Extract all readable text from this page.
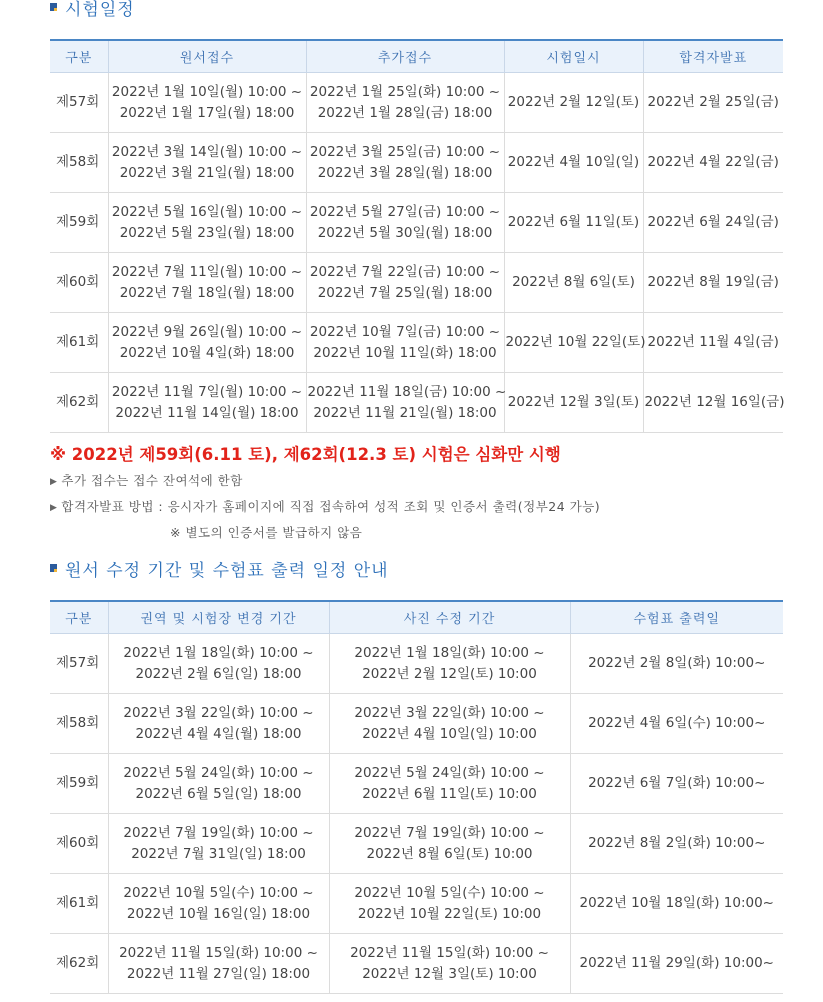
시험일정
구분	원서접수	추가접수	시험일시	합격자발표
제57회	2022년 1월 10일(월) 10:00 ~
2022년 1월 17일(월) 18:00	2022년 1월 25일(화) 10:00 ~
2022년 1월 28일(금) 18:00	2022년 2월 12일(토)	2022년 2월 25일(금)
제58회	2022년 3월 14일(월) 10:00 ~
2022년 3월 21일(월) 18:00	2022년 3월 25일(금) 10:00 ~
2022년 3월 28일(월) 18:00	2022년 4월 10일(일)	2022년 4월 22일(금)
제59회	2022년 5월 16일(월) 10:00 ~
2022년 5월 23일(월) 18:00	2022년 5월 27일(금) 10:00 ~
2022년 5월 30일(월) 18:00	2022년 6월 11일(토)	2022년 6월 24일(금)
제60회	2022년 7월 11일(월) 10:00 ~
2022년 7월 18일(월) 18:00	2022년 7월 22일(금) 10:00 ~
2022년 7월 25일(월) 18:00	2022년 8월 6일(토)	2022년 8월 19일(금)
제61회	2022년 9월 26일(월) 10:00 ~
2022년 10월 4일(화) 18:00	2022년 10월 7일(금) 10:00 ~
2022년 10월 11일(화) 18:00	2022년 10월 22일(토)	2022년 11월 4일(금)
제62회	2022년 11월 7일(월) 10:00 ~
2022년 11월 14일(월) 18:00	2022년 11월 18일(금) 10:00 ~
2022년 11월 21일(월) 18:00	2022년 12월 3일(토)	2022년 12월 16일(금)
※ 2022년 제59회(6.11 토), 제62회(12.3 토) 시험은 심화만 시행
▶ 추가 접수는 접수 잔여석에 한함
▶ 합격자발표 방법 : 응시자가 홈페이지에 직접 접속하여 성적 조회 및 인증서 출력(정부24 가능)
※ 별도의 인증서를 발급하지 않음
원서 수정 기간 및 수험표 출력 일정 안내
구분	권역 및 시험장 변경 기간	사진 수정 기간	수험표 출력일
제57회	2022년 1월 18일(화) 10:00 ~
2022년 2월 6일(일) 18:00	2022년 1월 18일(화) 10:00 ~
2022년 2월 12일(토) 10:00	2022년 2월 8일(화) 10:00~
제58회	2022년 3월 22일(화) 10:00 ~
2022년 4월 4일(월) 18:00	2022년 3월 22일(화) 10:00 ~
2022년 4월 10일(일) 10:00	2022년 4월 6일(수) 10:00~
제59회	2022년 5월 24일(화) 10:00 ~
2022년 6월 5일(일) 18:00	2022년 5월 24일(화) 10:00 ~
2022년 6월 11일(토) 10:00	2022년 6월 7일(화) 10:00~
제60회	2022년 7월 19일(화) 10:00 ~
2022년 7월 31일(일) 18:00	2022년 7월 19일(화) 10:00 ~
2022년 8월 6일(토) 10:00	2022년 8월 2일(화) 10:00~
제61회	2022년 10월 5일(수) 10:00 ~
2022년 10월 16일(일) 18:00	2022년 10월 5일(수) 10:00 ~
2022년 10월 22일(토) 10:00	2022년 10월 18일(화) 10:00~
제62회	2022년 11월 15일(화) 10:00 ~
2022년 11월 27일(일) 18:00	2022년 11월 15일(화) 10:00 ~
2022년 12월 3일(토) 10:00	2022년 11월 29일(화) 10:00~
